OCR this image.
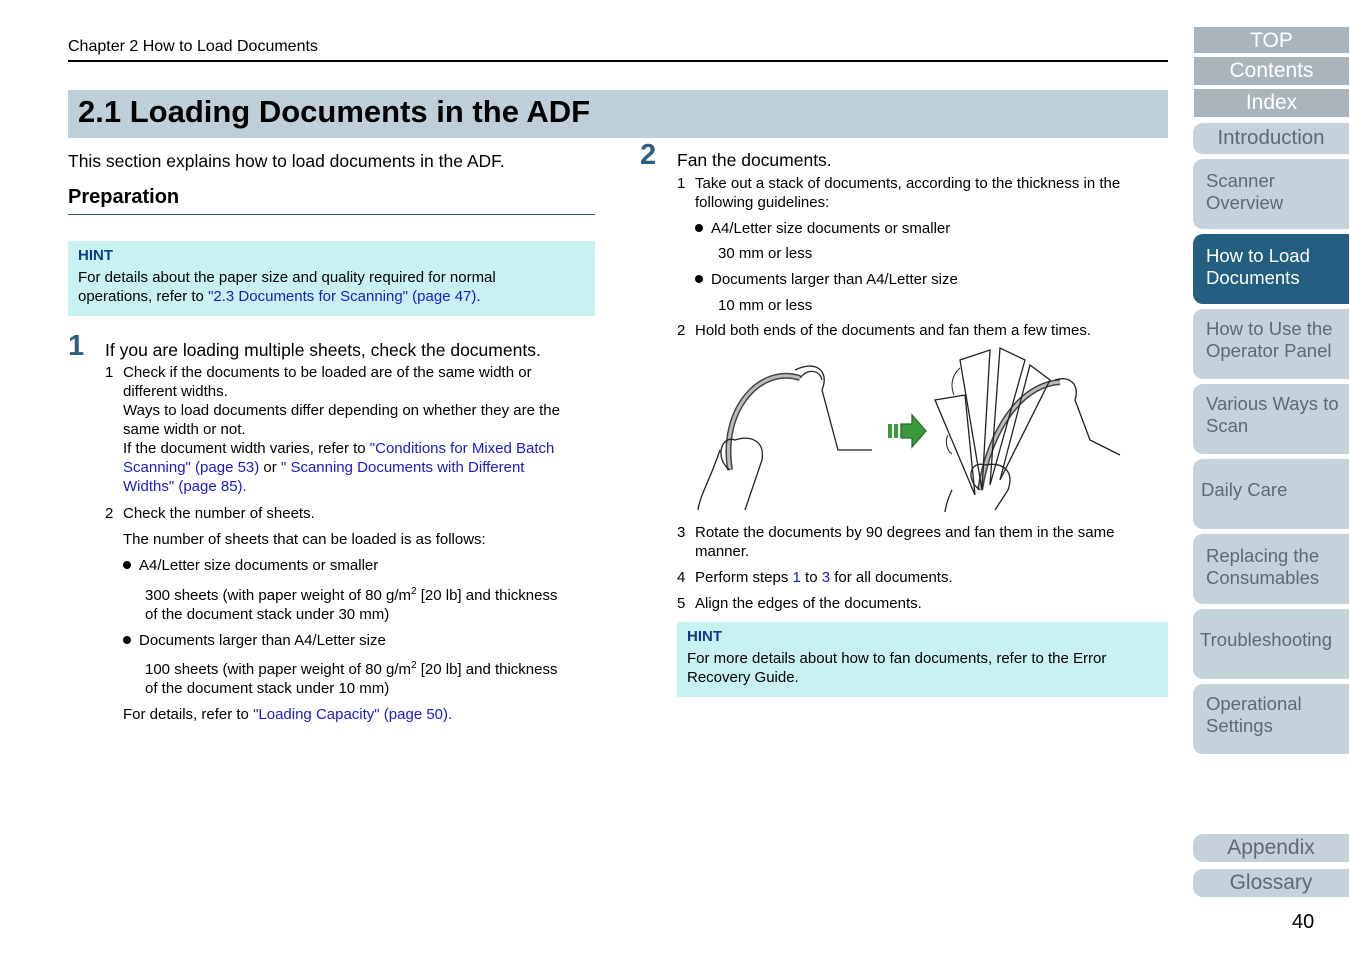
Chapter 2 How to Load Documents
2.1 Loading Documents in the ADF
This section explains how to load documents in the ADF.
Preparation
HINT
For details about the paper size and quality required for normal
operations, refer to "2.3 Documents for Scanning" (page 47).
1 If you are loading multiple sheets, check the documents.
1 Check if the documents to be loaded are of the same width or
different widths.
Ways to load documents differ depending on whether they are the
same width or not.
If the document width varies, refer to "Conditions for Mixed Batch
Scanning" (page 53) or " Scanning Documents with Different
Widths" (page 85).
2 Check the number of sheets.
The number of sheets that can be loaded is as follows:
A4/Letter size documents or smaller
300 sheets (with paper weight of 80 $g/m^2$ [20 lb] and thickness
of the document stack under 30 mm)
Documents larger than A4/Letter size
100 sheets (with paper weight of 80 $g/m^2$ [20 lb] and thickness
of the document stack under 10 mm)
For details, refer to "Loading Capacity" (page 50).
2 Fan the documents.
1 Take out a stack of documents, according to the thickness in the
following guidelines:
A4/Letter size documents or smaller
30 mm or less
Documents larger than A4/Letter size
10 mm or less
2 Hold both ends of the documents and fan them a few times.
3 Rotate the documents by 90 degrees and fan them in the same
manner.
4 Perform steps 1 to 3 for all documents.
5 Align the edges of the documents.
HINT
For more details about how to fan documents, refer to the Error
Recovery Guide.
TOP
Contents
Index
Introduction
Scanner
Overview
How to Load
Documents
How to Use the
Operator Panel
Various Ways to
Scan
Daily Care
Replacing the
Consumables
Troubleshooting
Operational
Settings
Appendix
Glossary
40
